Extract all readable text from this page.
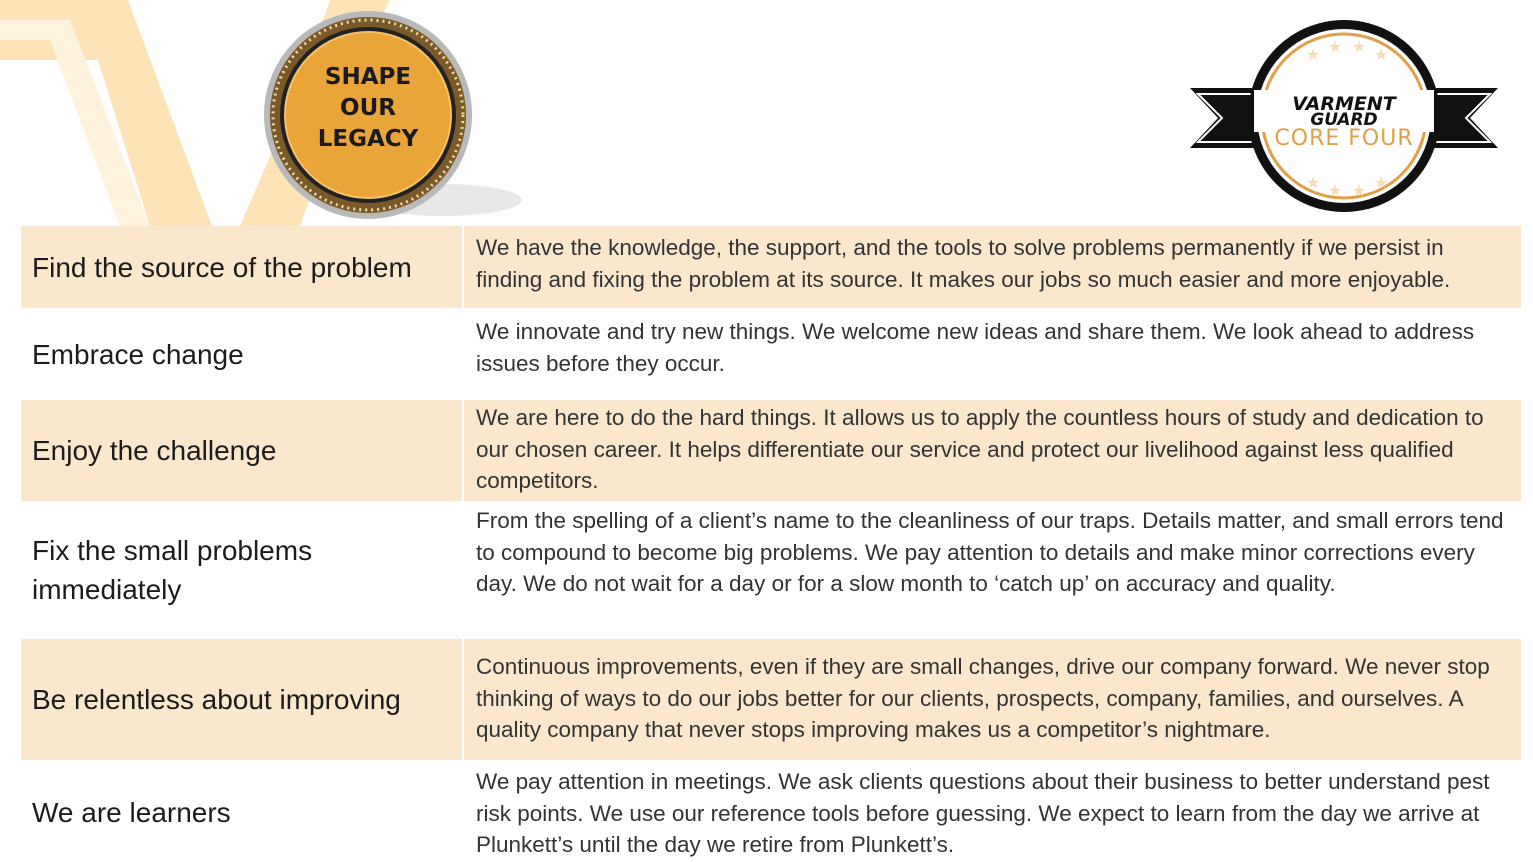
SHAPE
OUR
LEGACY
★ ★ ★ ★
★ ★ ★ ★
VARMENT
GUARD
CORE FOUR
Find the source of the problem
We have the knowledge, the support, and the tools to solve problems permanently if we persist in finding and fixing the problem at its source. It makes our jobs so much easier and more enjoyable.
Embrace change
We innovate and try new things. We welcome new ideas and share them. We look ahead to address issues before they occur.
Enjoy the challenge
We are here to do the hard things. It allows us to apply the countless hours of study and dedication to our chosen career. It helps differentiate our service and protect our livelihood against less qualified competitors.
Fix the small problems immediately
From the spelling of a client’s name to the cleanliness of our traps. Details matter, and small errors tend to compound to become big problems. We pay attention to details and make minor corrections every day. We do not wait for a day or for a slow month to ‘catch up’ on accuracy and quality.
Be relentless about improving
Continuous improvements, even if they are small changes, drive our company forward. We never stop thinking of ways to do our jobs better for our clients, prospects, company, families, and ourselves. A quality company that never stops improving makes us a competitor’s nightmare.
We are learners
We pay attention in meetings. We ask clients questions about their business to better understand pest risk points. We use our reference tools before guessing. We expect to learn from the day we arrive at Plunkett’s until the day we retire from Plunkett’s.
